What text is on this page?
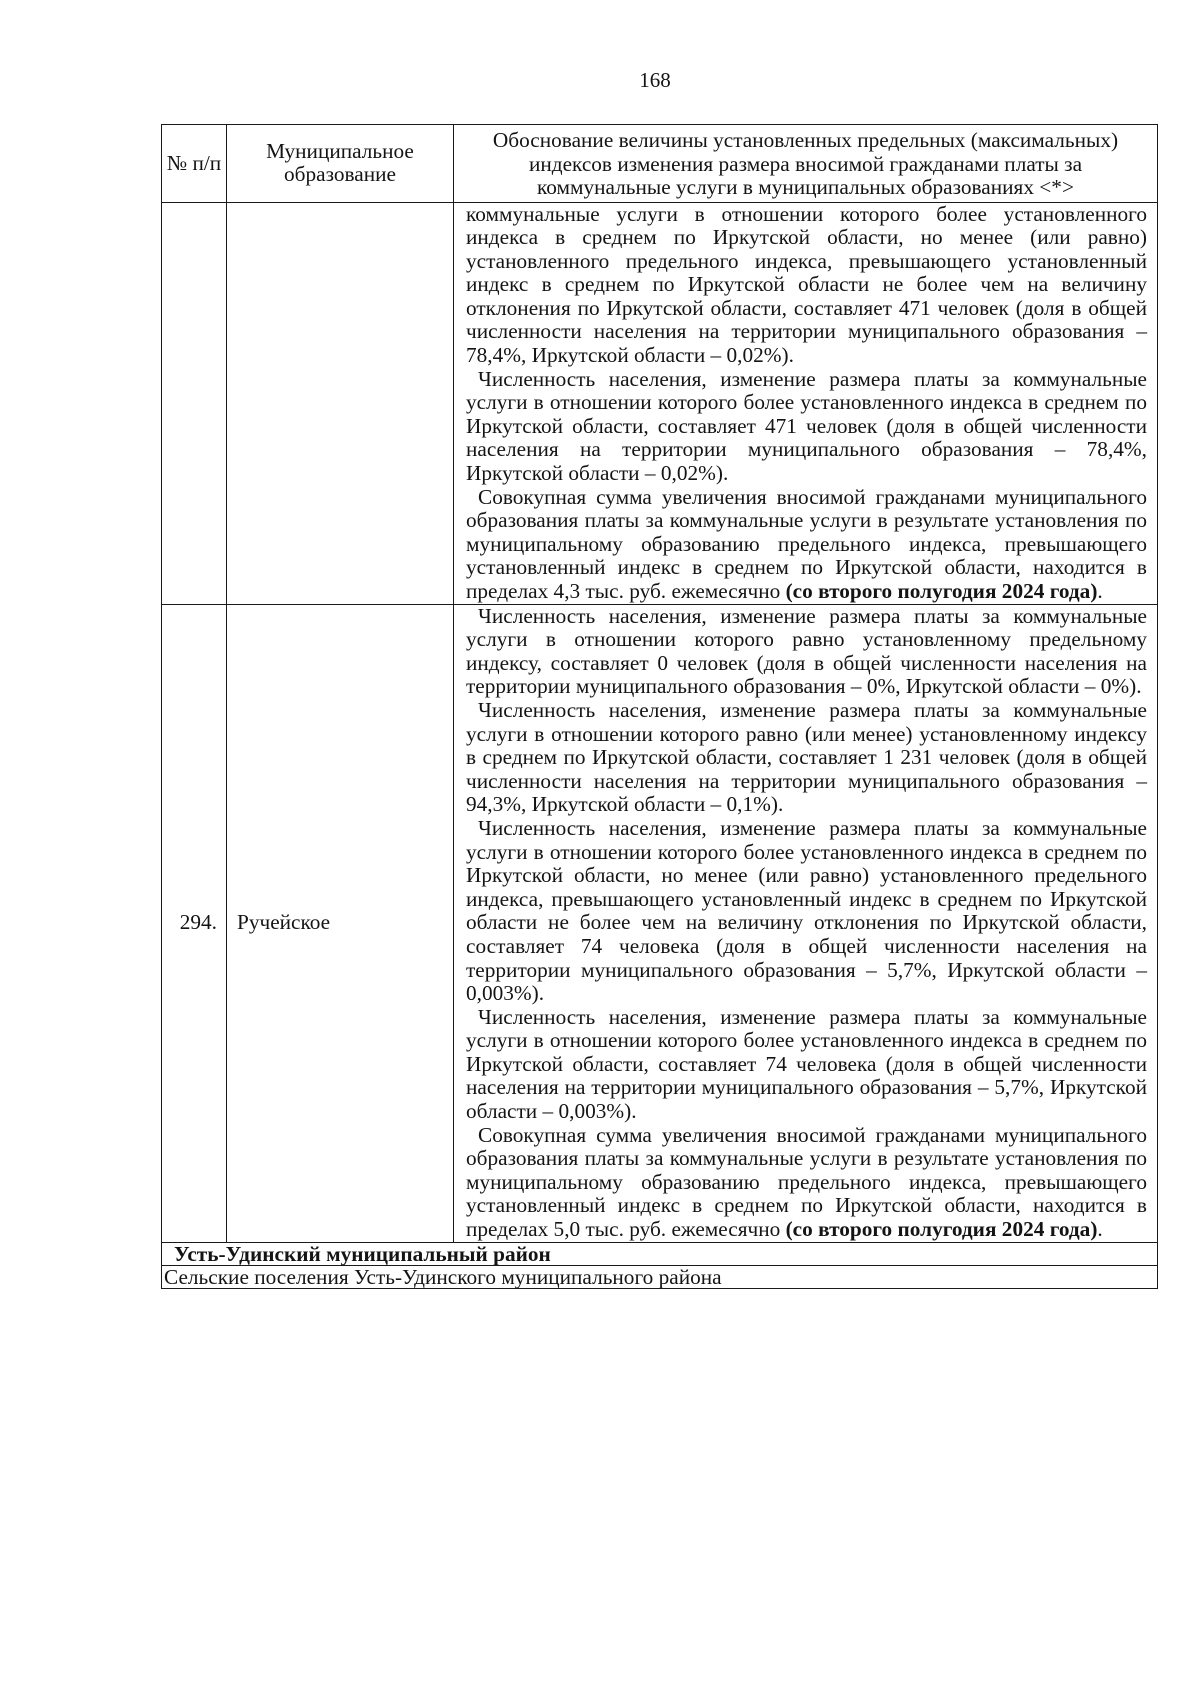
168
№ п/п	Муниципальное образование	Обоснование величины установленных предельных (максимальных) индексов изменения размера вносимой гражданами платы за коммунальные услуги в муниципальных образованиях <*>

		коммунальные услуги в отношении которого более установленного индекса в среднем по Иркутской области, но менее (или равно) установленного предельного индекса, превышающего установленный индекс в среднем по Иркутской области не более чем на величину отклонения по Иркутской области, составляет 471 человек (доля в общей численности населения на территории муниципального образования – 78,4%, Иркутской области – 0,02%).

Численность населения, изменение размера платы за коммунальные услуги в отношении которого более установленного индекса в среднем по Иркутской области, составляет 471 человек (доля в общей численности населения на территории муниципального образования – 78,4%, Иркутской области – 0,02%).

Совокупная сумма увеличения вносимой гражданами муниципального образования платы за коммунальные услуги в результате установления по муниципальному образованию предельного индекса, превышающего установленный индекс в среднем по Иркутской области, находится в пределах 4,3 тыс. руб. ежемесячно (со второго полугодия 2024 года).

294.	Ручейское	Численность населения, изменение размера платы за коммунальные услуги в отношении которого равно установленному предельному индексу, составляет 0 человек (доля в общей численности населения на территории муниципального образования – 0%, Иркутской области – 0%).

Численность населения, изменение размера платы за коммунальные услуги в отношении которого равно (или менее) установленному индексу в среднем по Иркутской области, составляет 1 231 человек (доля в общей численности населения на территории муниципального образования – 94,3%, Иркутской области – 0,1%).

Численность населения, изменение размера платы за коммунальные услуги в отношении которого более установленного индекса в среднем по Иркутской области, но менее (или равно) установленного предельного индекса, превышающего установленный индекс в среднем по Иркутской области не более чем на величину отклонения по Иркутской области, составляет 74 человека (доля в общей численности населения на территории муниципального образования – 5,7%, Иркутской области – 0,003%).

Численность населения, изменение размера платы за коммунальные услуги в отношении которого более установленного индекса в среднем по Иркутской области, составляет 74 человека (доля в общей численности населения на территории муниципального образования – 5,7%, Иркутской области – 0,003%).

Совокупная сумма увеличения вносимой гражданами муниципального образования платы за коммунальные услуги в результате установления по муниципальному образованию предельного индекса, превышающего установленный индекс в среднем по Иркутской области, находится в пределах 5,0 тыс. руб. ежемесячно (со второго полугодия 2024 года).

Усть-Удинский муниципальный район		
Сельские поселения Усть-Удинского муниципального района		
